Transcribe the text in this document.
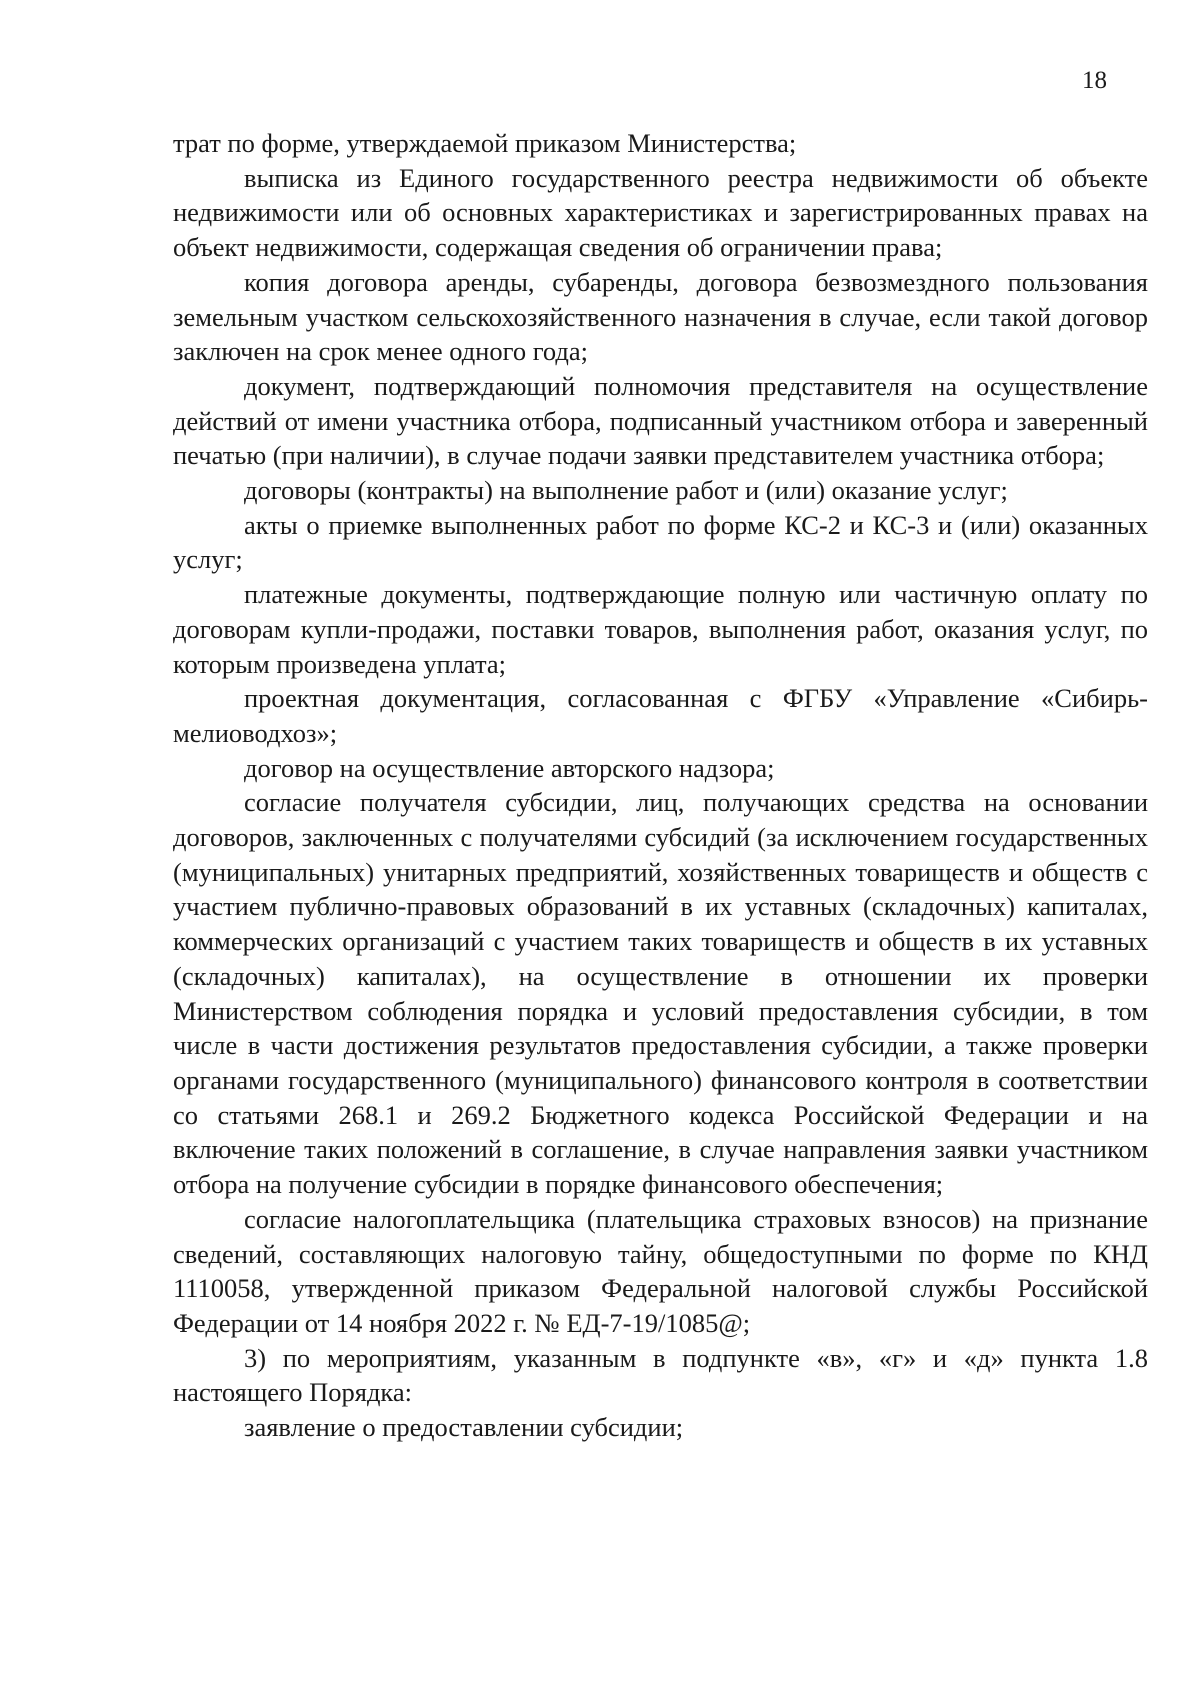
18

трат по форме, утверждаемой приказом Министерства;

выписка из Единого государственного реестра недвижимости об объекте недвижимости или об основных характеристиках и зарегистрированных правах на объект недвижимости, содержащая сведения об ограничении права;

копия договора аренды, субаренды, договора безвозмездного пользования земельным участком сельскохозяйственного назначения в случае, если такой договор заключен на срок менее одного года;

документ, подтверждающий полномочия представителя на осуществление действий от имени участника отбора, подписанный участником отбора и заверенный печатью (при наличии), в случае подачи заявки представителем участника отбора;

договоры (контракты) на выполнение работ и (или) оказание услуг;

акты о приемке выполненных работ по форме КС-2 и КС-3 и (или) оказанных услуг;

платежные документы, подтверждающие полную или частичную оплату по договорам купли-продажи, поставки товаров, выполнения работ, оказания услуг, по которым произведена уплата;

проектная документация, согласованная с ФГБУ «Управление «Сибирьмелиоводхоз»;

договор на осуществление авторского надзора;

согласие получателя субсидии, лиц, получающих средства на основании договоров, заключенных с получателями субсидий (за исключением государственных (муниципальных) унитарных предприятий, хозяйственных товариществ и обществ с участием публично-правовых образований в их уставных (складочных) капиталах, коммерческих организаций с участием таких товариществ и обществ в их уставных (складочных) капиталах), на осуществление в отношении их проверки Министерством соблюдения порядка и условий предоставления субсидии, в том числе в части достижения результатов предоставления субсидии, а также проверки органами государственного (муниципального) финансового контроля в соответствии со статьями 268.1 и 269.2 Бюджетного кодекса Российской Федерации и на включение таких положений в соглашение, в случае направления заявки участником отбора на получение субсидии в порядке финансового обеспечения;

согласие налогоплательщика (плательщика страховых взносов) на признание сведений, составляющих налоговую тайну, общедоступными по форме по КНД 1110058, утвержденной приказом Федеральной налоговой службы Российской Федерации от 14 ноября 2022 г. № ЕД-7-19/1085@;

3) по мероприятиям, указанным в подпункте «в», «г» и «д» пункта 1.8 настоящего Порядка:

заявление о предоставлении субсидии;
